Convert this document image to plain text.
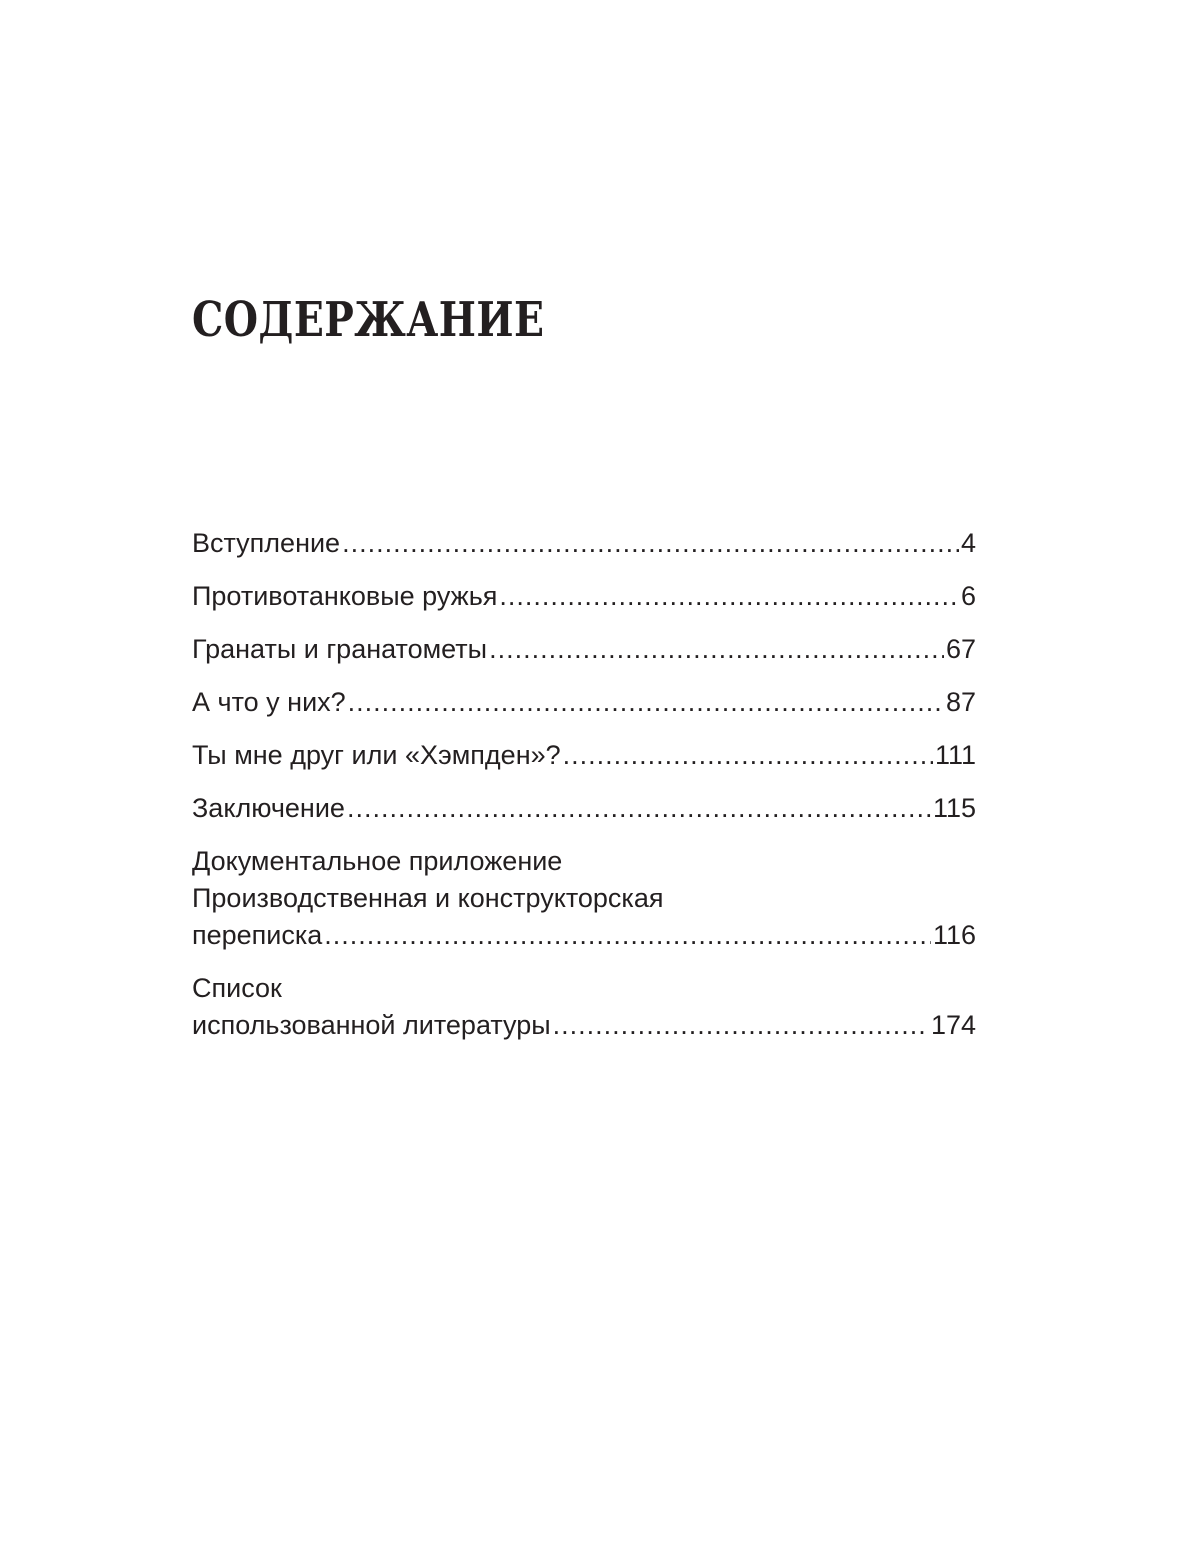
СОДЕРЖАНИЕ
Вступление .....	4
Противотанковые ружья .....	6
Гранаты и гранатометы .....	67
А что у них? .....	87
Ты мне друг или «Хэмпден»? .....	111
Заключение .....	115
Документальное приложение
Производственная и конструкторская
переписка .....	116
Список
использованной литературы .....	174
